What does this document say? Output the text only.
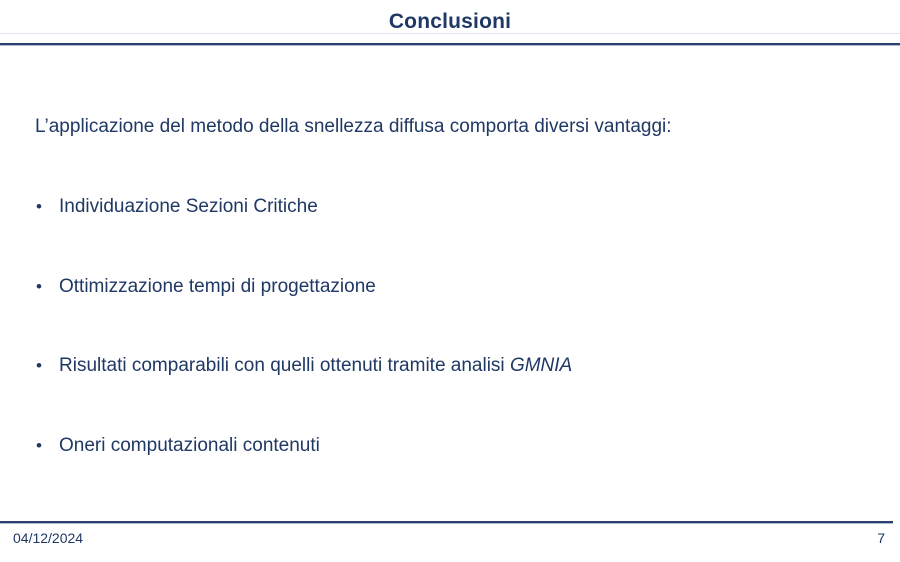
Conclusioni
L’applicazione del metodo della snellezza diffusa comporta diversi vantaggi:
• Individuazione Sezioni Critiche
• Ottimizzazione tempi di progettazione
• Risultati comparabili con quelli ottenuti tramite analisi GMNIA
• Oneri computazionali contenuti
04/12/2024	7
